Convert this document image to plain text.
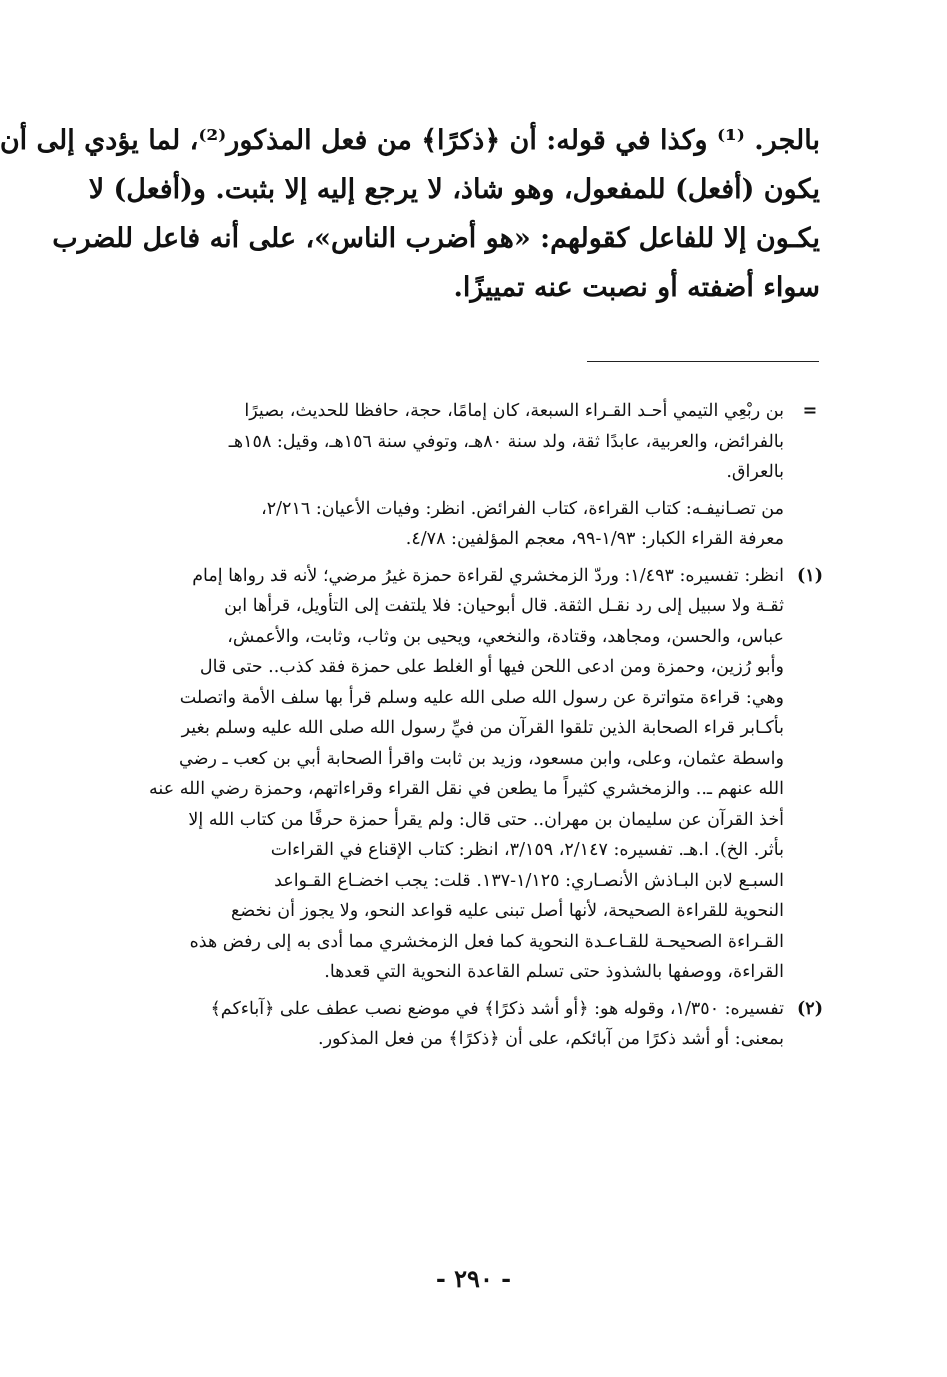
بالجر. ⁽¹⁾ وكذا في قوله: أن ﴿ذكرًا﴾ من فعل المذكور⁽²⁾، لما يؤدي إلى أن
يكون (أفعل) للمفعول، وهو شاذ، لا يرجع إليه إلا بثبت. و(أفعل) لا
يكـون إلا للفاعل كقولهم: «هو أضرب الناس»، على أنه فاعل للضرب
سواء أضفته أو نصبت عنه تمييزًا.
=
بن ربْعِي التيمي أحـد القـراء السبعة، كان إمامًا، حجة، حافظا للحديث، بصيرًا
بالفرائض، والعربية، عابدًا ثقة، ولد سنة ٨٠هـ، وتوفي سنة ١٥٦هـ، وقيل: ١٥٨هـ
بالعراق.
من تصـانيفـه: كتاب القراءة، كتاب الفرائض. انظر: وفيات الأعيان: ٢/٢١٦،
معرفة القراء الكبار: ١/٩٣-٩٩، معجم المؤلفين: ٤/٧٨.
(١)
انظر: تفسيره: ١/٤٩٣: وردّ الزمخشري لقراءة حمزة غيرُ مرضي؛ لأنه قد رواها إمام
ثقـة ولا سبيل إلى رد نقـل الثقة. قال أبوحيان: فلا يلتفت إلى التأويل، قرأها ابن
عباس، والحسن، ومجاهد، وقتادة، والنخعي، ويحيى بن وثاب، وثابت، والأعمش،
وأبو رُزين، وحمزة ومن ادعى اللحن فيها أو الغلط على حمزة فقد كذب.. حتى قال
وهي: قراءة متواترة عن رسول الله صلى الله عليه وسلم قرأ بها سلف الأمة واتصلت
بأكـابر قراء الصحابة الذين تلقوا القرآن من فيِّ رسول الله صلى الله عليه وسلم بغير
واسطة عثمان، وعلى، وابن مسعود، وزيد بن ثابت واقرأ الصحابة أبي بن كعب ـ رضي
الله عنهم ـ.. والزمخشري كثيراً ما يطعن في نقل القراء وقراءاتهم، وحمزة رضي الله عنه
أخذ القرآن عن سليمان بن مهران.. حتى قال: ولم يقرأ حمزة حرفًا من كتاب الله إلا
بأثر. الخ). ا.هـ. تفسيره: ٢/١٤٧، ٣/١٥٩، انظر: كتاب الإقناع في القراءات
السبـع لابن البـاذش الأنصـاري: ١/١٢٥-١٣٧. قلت: يجب اخضـاع القـواعد
النحوية للقراءة الصحيحة، لأنها أصل تبنى عليه قواعد النحو، ولا يجوز أن نخضع
القـراءة الصحيحـة للقـاعـدة النحوية كما فعل الزمخشري مما أدى به إلى رفض هذه
القراءة، ووصفها بالشذوذ حتى تسلم القاعدة النحوية التي قعدها.
(٢)
تفسيره: ١/٣٥٠، وقوله هو: ﴿أو أشد ذكرًا﴾ في موضع نصب عطف على ﴿آباءكم﴾
بمعنى: أو أشد ذكرًا من آبائكم، على أن ﴿ذكرًا﴾ من فعل المذكور.
- ٢٩٠ -
